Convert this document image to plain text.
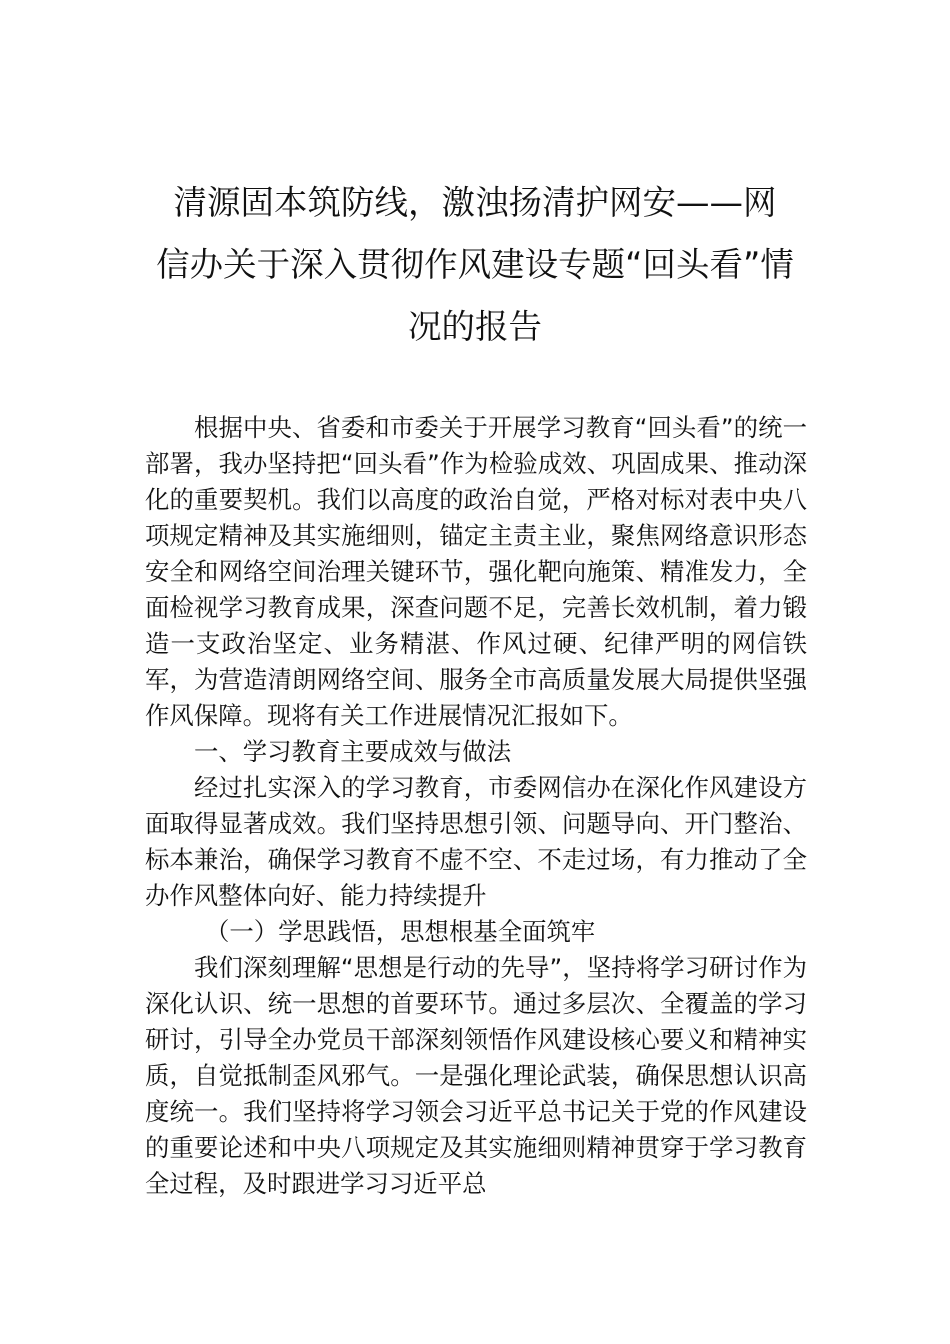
清源固本筑防线，激浊扬清护网安——网
信办关于深入贯彻作风建设专题“回头看”情
况的报告

根据中央、省委和市委关于开展学习教育“回头看”的统一部署，我办坚持把“回头看”作为检验成效、巩固成果、推动深化的重要契机。我们以高度的政治自觉，严格对标对表中央八项规定精神及其实施细则，锚定主责主业，聚焦网络意识形态安全和网络空间治理关键环节，强化靶向施策、精准发力，全面检视学习教育成果，深查问题不足，完善长效机制，着力锻造一支政治坚定、业务精湛、作风过硬、纪律严明的网信铁军，为营造清朗网络空间、服务全市高质量发展大局提供坚强作风保障。现将有关工作进展情况汇报如下。

一、学习教育主要成效与做法

经过扎实深入的学习教育，市委网信办在深化作风建设方面取得显著成效。我们坚持思想引领、问题导向、开门整治、标本兼治，确保学习教育不虚不空、不走过场，有力推动了全办作风整体向好、能力持续提升

（一）学思践悟，思想根基全面筑牢

我们深刻理解“思想是行动的先导”，坚持将学习研讨作为深化认识、统一思想的首要环节。通过多层次、全覆盖的学习研讨，引导全办党员干部深刻领悟作风建设核心要义和精神实质，自觉抵制歪风邪气。一是强化理论武装，确保思想认识高度统一。我们坚持将学习领会习近平总书记关于党的作风建设的重要论述和中央八项规定及其实施细则精神贯穿于学习教育全过程，及时跟进学习习近平总
